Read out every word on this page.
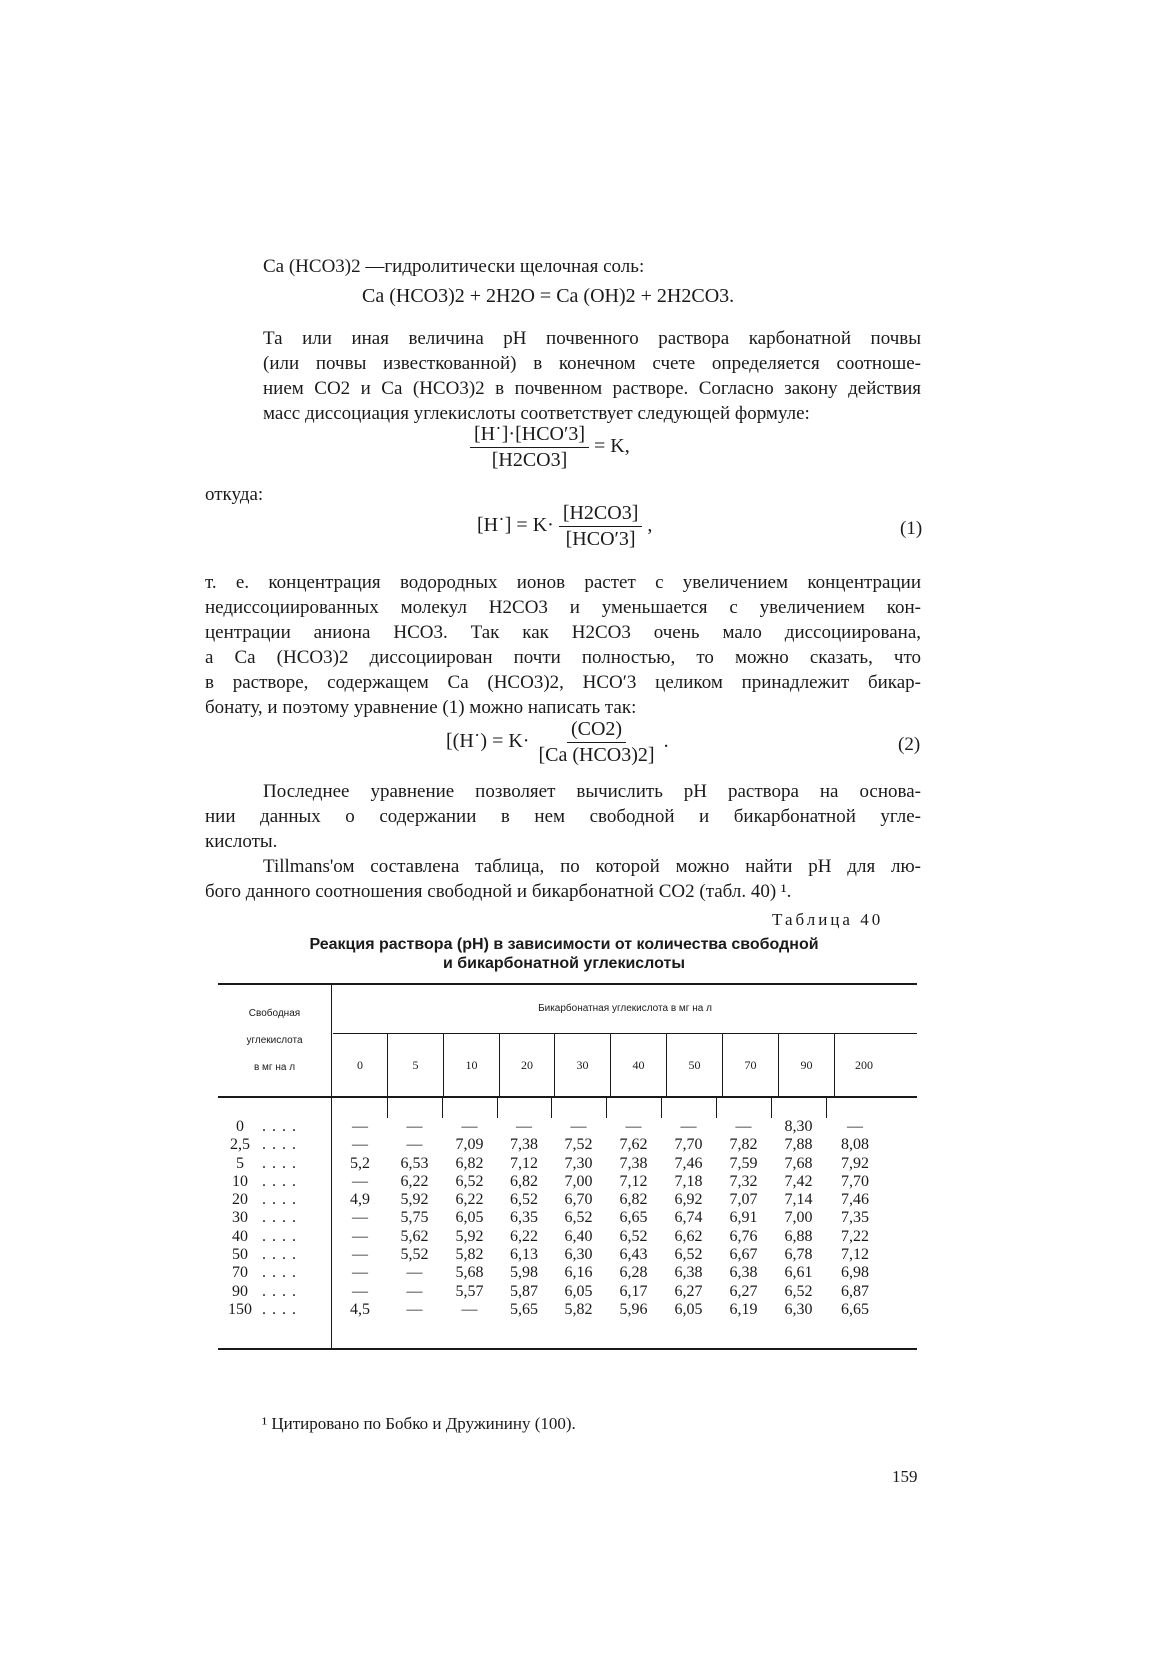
Ca (HCO3)2 —гидролитически щелочная соль:
Ca (HCO3)2 + 2H2O = Ca (OH)2 + 2H2CO3.
Та или иная величина pH почвенного раствора карбонатной почвы
(или почвы известкованной) в конечном счете определяется соотноше-
нием CO2 и Ca (HCO3)2 в почвенном растворе. Согласно закону действия
масс диссоциация углекислоты соответствует следующей формуле:
$\frac{\text{[H˙]·[HCO′3]}}{[H2CO3]} = K$,
откуда:
[H˙] = $K\cdot \frac{[H2CO3]}{\text{[HCO′3]}}$ ,	(1)
т. е. концентрация водородных ионов растет с увеличением концентрации
недиссоциированных молекул H2CO3 и уменьшается с увеличением кон-
центрации аниона HCO3. Так как H2CO3 очень мало диссоциирована,
а Ca (HCO3)2 диссоциирован почти полностью, то можно сказать, что
в растворе, содержащем Ca (HCO3)2, HCO′3 целиком принадлежит бикар-
бонату, и поэтому уравнение (1) можно написать так:
[(H˙) = $K\cdot \frac{(CO2)}{\text{[Ca (HCO3)2]}}$ .	(2)
Последнее уравнение позволяет вычислить pH раствора на основа-
нии данных о содержании в нем свободной и бикарбонатной угле-
кислоты.
Tillmans'ом составлена таблица, по которой можно найти pH для лю-
бого данного соотношения свободной и бикарбонатной CO2 (табл. 40) ¹.
Таблица 40
Реакция раствора (pH) в зависимости от количества свободной
и бикарбонатной углекислоты
Свободная
углекислота
в мг на л
Бикарбонатная углекислота в мг на л
0	5	10	20	30	40	50	70	90	200
0	. . . .	—	—	—	—	—	—	—	—	8,30	—
2,5 . . . .	—	—	7,09	7,38	7,52	7,62	7,70	7,82	7,88	8,08
5	. . . .	5,2	6,53	6,82	7,12	7,30	7,38	7,46	7,59	7,68	7,92
10 . . . .	—	6,22	6,52	6,82	7,00	7,12	7,18	7,32	7,42	7,70
20 . . . .	4,9	5,92	6,22	6,52	6,70	6,82	6,92	7,07	7,14	7,46
30 . . . .	—	5,75	6,05	6,35	6,52	6,65	6,74	6,91	7,00	7,35
40 . . . .	—	5,62	5,92	6,22	6,40	6,52	6,62	6,76	6,88	7,22
50 . . . .	—	5,52	5,82	6,13	6,30	6,43	6,52	6,67	6,78	7,12
70 . . . .	—	—	5,68	5,98	6,16	6,28	6,38	6,38	6,61	6,98
90 . . . .	—	—	5,57	5,87	6,05	6,17	6,27	6,27	6,52	6,87
150 . . . .	4,5	—	—	5,65	5,82	5,96	6,05	6,19	6,30	6,65
¹ Цитировано по Бобко и Дружинину (100).
159
